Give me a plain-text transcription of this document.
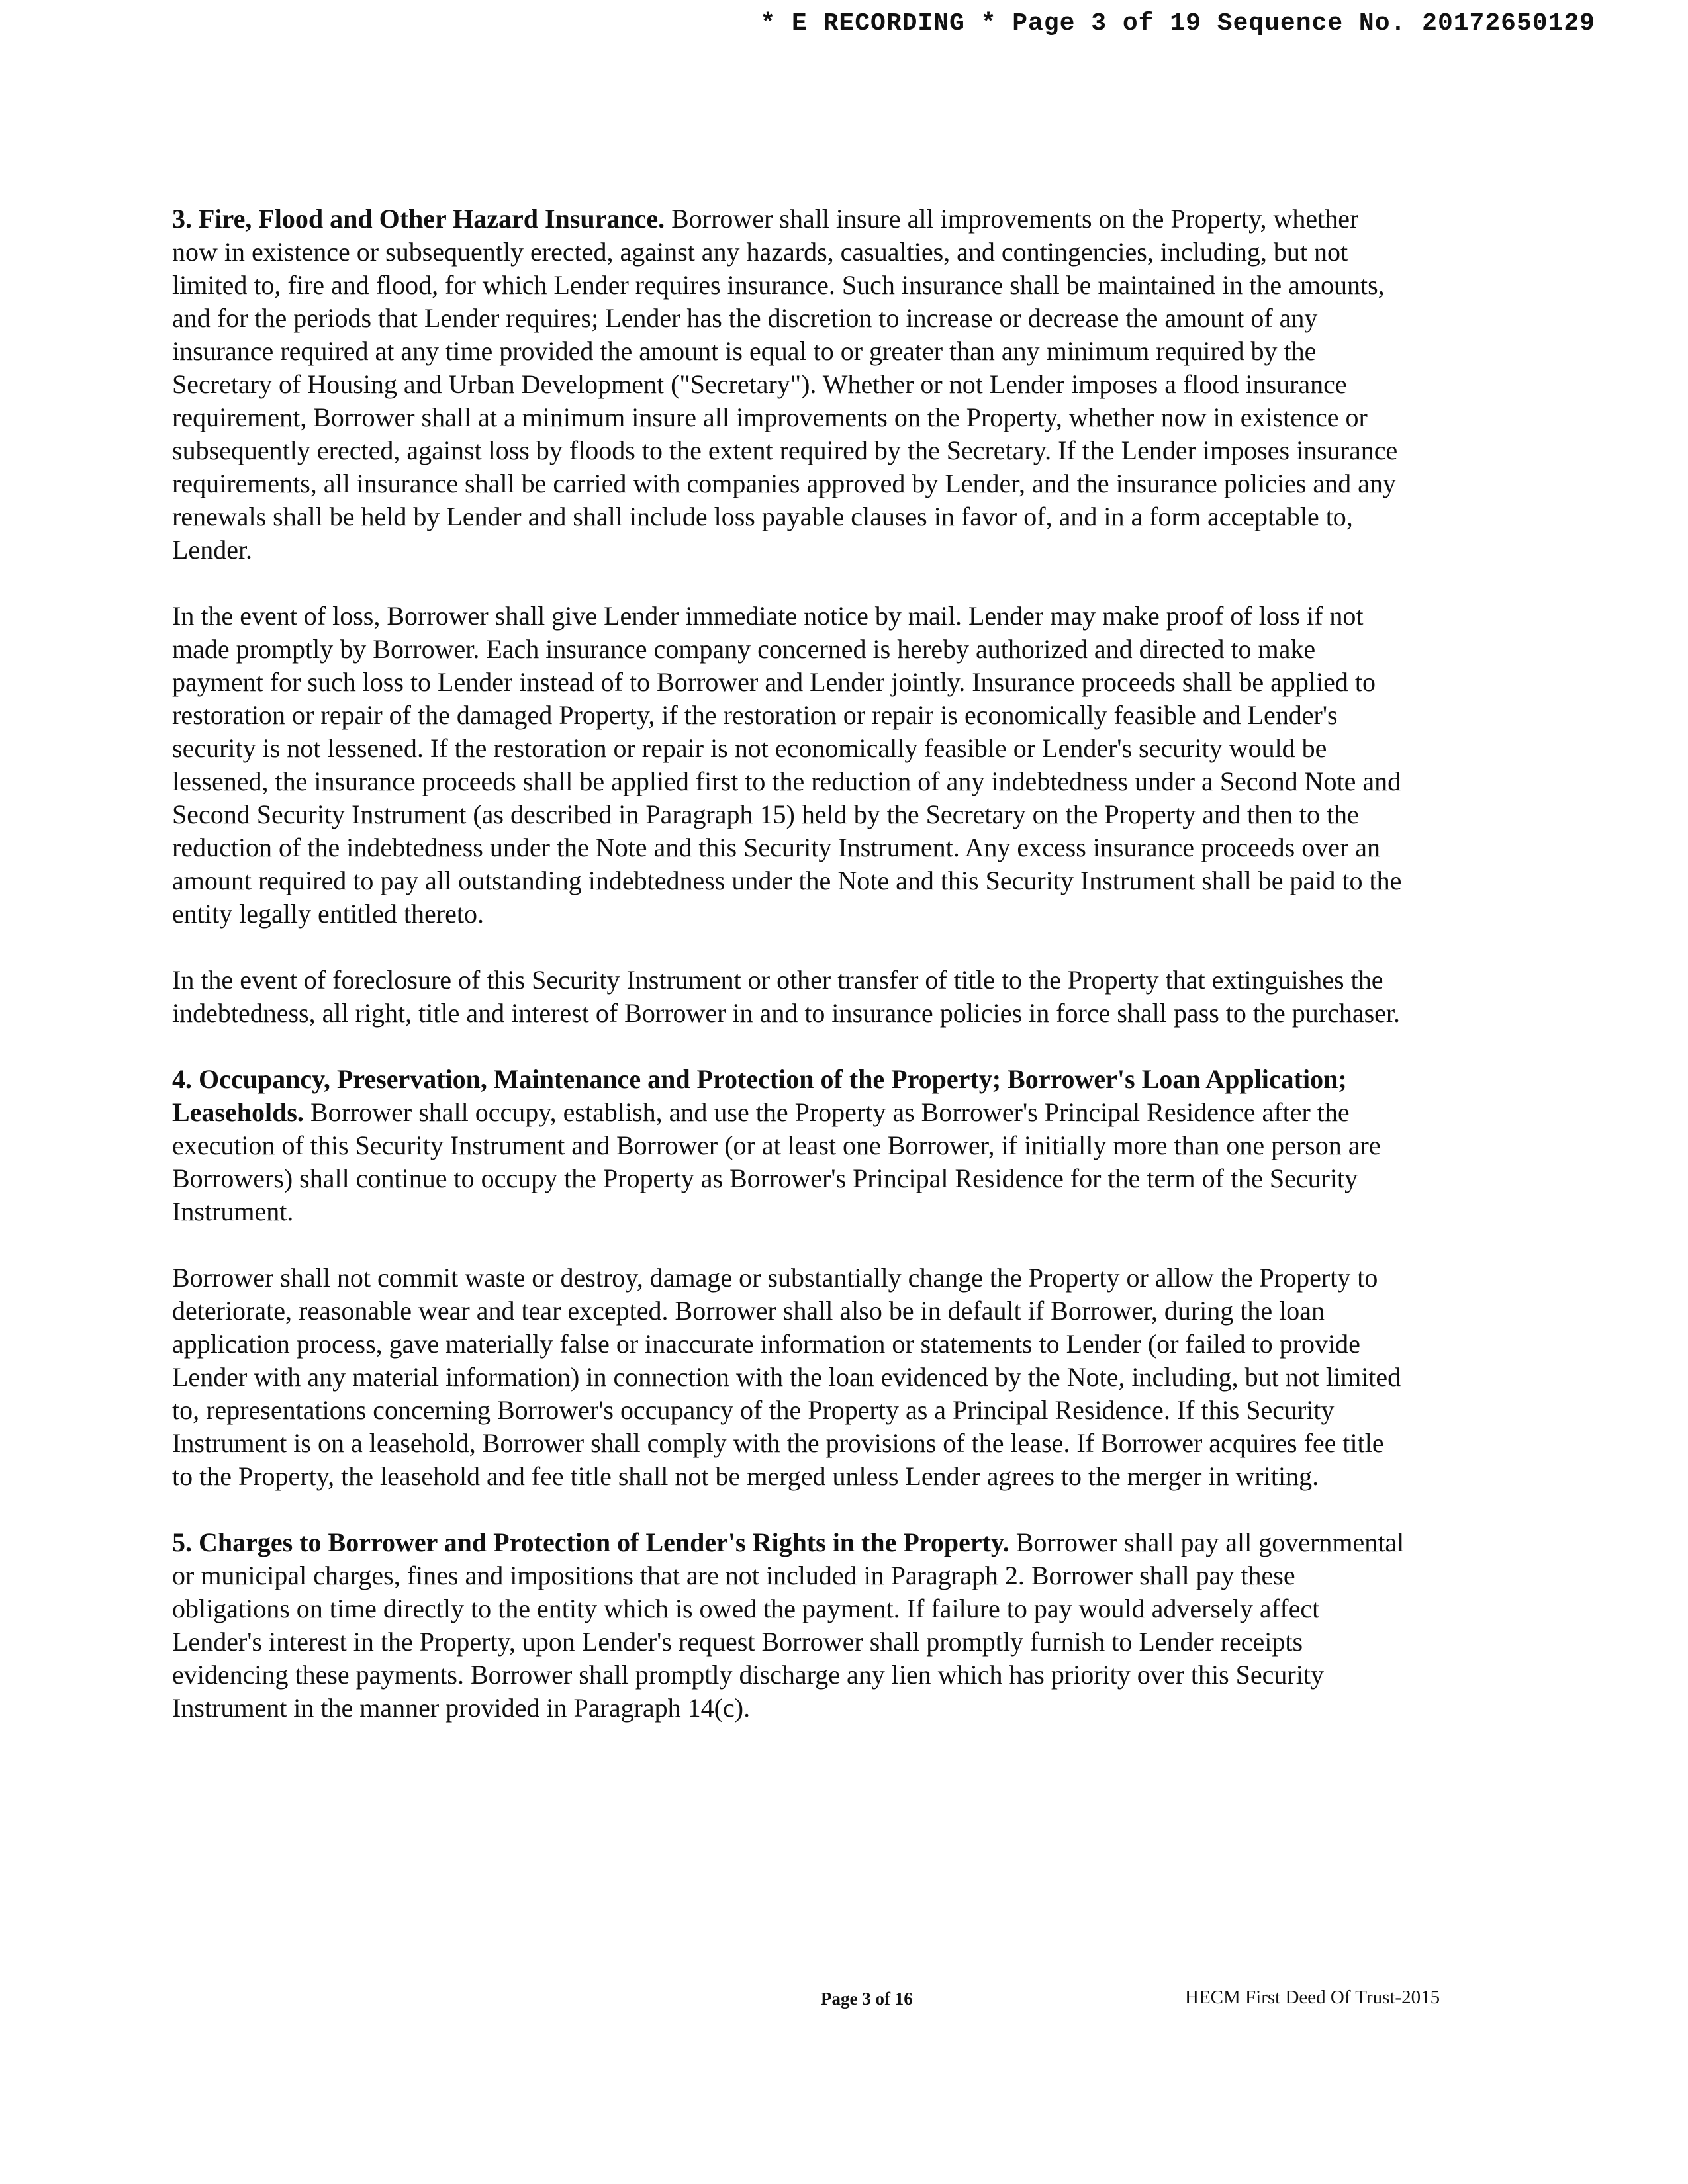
* E RECORDING * Page 3 of 19 Sequence No. 20172650129

3. Fire, Flood and Other Hazard Insurance. Borrower shall insure all improvements on the Property, whether now in existence or subsequently erected, against any hazards, casualties, and contingencies, including, but not limited to, fire and flood, for which Lender requires insurance. Such insurance shall be maintained in the amounts, and for the periods that Lender requires; Lender has the discretion to increase or decrease the amount of any insurance required at any time provided the amount is equal to or greater than any minimum required by the Secretary of Housing and Urban Development ("Secretary"). Whether or not Lender imposes a flood insurance requirement, Borrower shall at a minimum insure all improvements on the Property, whether now in existence or subsequently erected, against loss by floods to the extent required by the Secretary. If the Lender imposes insurance requirements, all insurance shall be carried with companies approved by Lender, and the insurance policies and any renewals shall be held by Lender and shall include loss payable clauses in favor of, and in a form acceptable to, Lender.

In the event of loss, Borrower shall give Lender immediate notice by mail. Lender may make proof of loss if not made promptly by Borrower. Each insurance company concerned is hereby authorized and directed to make payment for such loss to Lender instead of to Borrower and Lender jointly. Insurance proceeds shall be applied to restoration or repair of the damaged Property, if the restoration or repair is economically feasible and Lender's security is not lessened. If the restoration or repair is not economically feasible or Lender's security would be lessened, the insurance proceeds shall be applied first to the reduction of any indebtedness under a Second Note and Second Security Instrument (as described in Paragraph 15) held by the Secretary on the Property and then to the reduction of the indebtedness under the Note and this Security Instrument. Any excess insurance proceeds over an amount required to pay all outstanding indebtedness under the Note and this Security Instrument shall be paid to the entity legally entitled thereto.

In the event of foreclosure of this Security Instrument or other transfer of title to the Property that extinguishes the indebtedness, all right, title and interest of Borrower in and to insurance policies in force shall pass to the purchaser.

4. Occupancy, Preservation, Maintenance and Protection of the Property; Borrower's Loan Application; Leaseholds. Borrower shall occupy, establish, and use the Property as Borrower's Principal Residence after the execution of this Security Instrument and Borrower (or at least one Borrower, if initially more than one person are Borrowers) shall continue to occupy the Property as Borrower's Principal Residence for the term of the Security Instrument.

Borrower shall not commit waste or destroy, damage or substantially change the Property or allow the Property to deteriorate, reasonable wear and tear excepted. Borrower shall also be in default if Borrower, during the loan application process, gave materially false or inaccurate information or statements to Lender (or failed to provide Lender with any material information) in connection with the loan evidenced by the Note, including, but not limited to, representations concerning Borrower's occupancy of the Property as a Principal Residence. If this Security Instrument is on a leasehold, Borrower shall comply with the provisions of the lease. If Borrower acquires fee title to the Property, the leasehold and fee title shall not be merged unless Lender agrees to the merger in writing.

5. Charges to Borrower and Protection of Lender's Rights in the Property. Borrower shall pay all governmental or municipal charges, fines and impositions that are not included in Paragraph 2. Borrower shall pay these obligations on time directly to the entity which is owed the payment. If failure to pay would adversely affect Lender's interest in the Property, upon Lender's request Borrower shall promptly furnish to Lender receipts evidencing these payments. Borrower shall promptly discharge any lien which has priority over this Security Instrument in the manner provided in Paragraph 14(c).

Page 3 of 16	HECM First Deed Of Trust-2015
